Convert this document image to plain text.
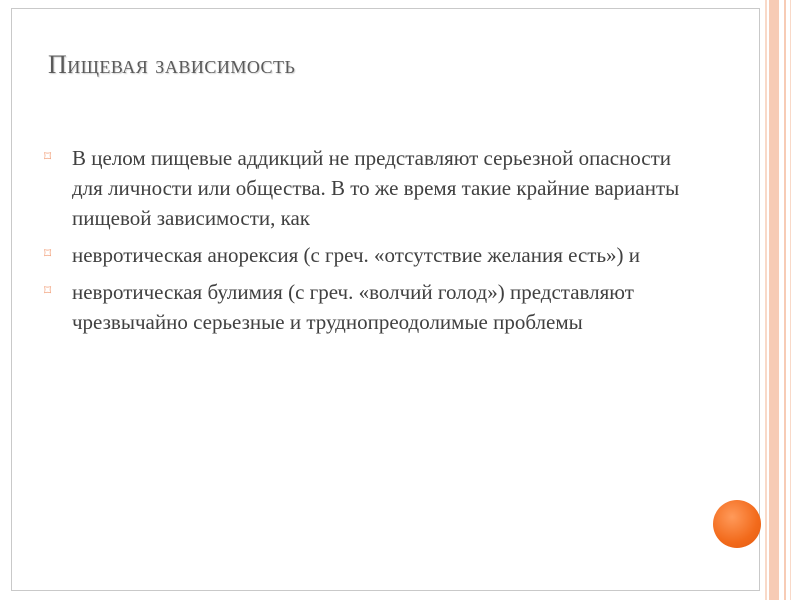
Пищевая зависимость
⌑ В целом пищевые аддикций не представляют серьезной опасности для личности или общества. В то же время такие крайние варианты пищевой зависимости, как
⌑ невротическая анорексия (с греч. «отсутствие желания есть») и
⌑ невротическая булимия (с греч. «волчий голод») представляют чрезвычайно серьезные и труднопреодолимые проблемы
